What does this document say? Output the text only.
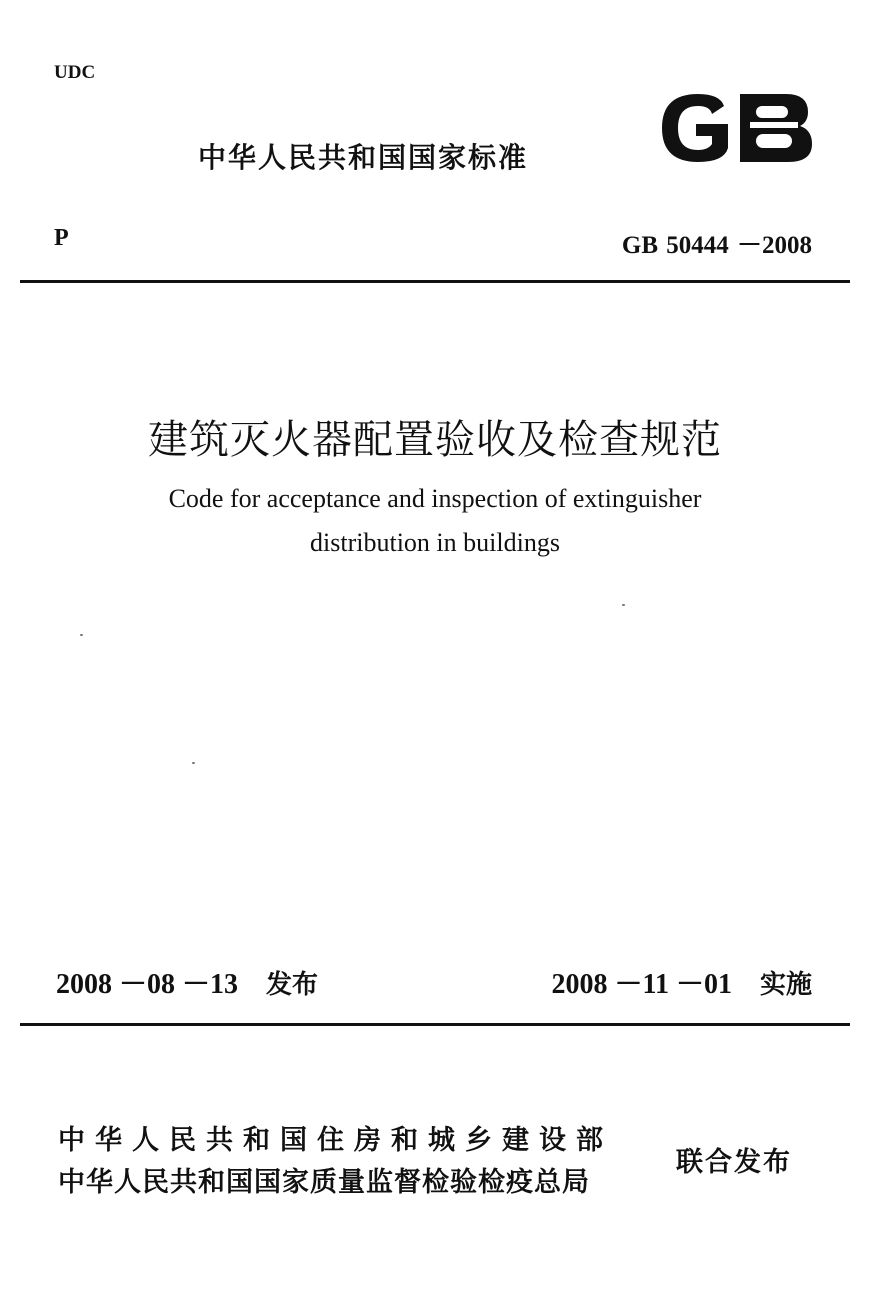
UDC
中华人民共和国国家标准
P	GB 50444 －2008
建筑灭火器配置验收及检查规范
Code for acceptance and inspection of extinguisher
distribution in buildings
2008 －08 －13 发布	2008 －11 －01 实施
中华人民共和国住房和城乡建设部
中华人民共和国国家质量监督检验检疫总局
联合发布
